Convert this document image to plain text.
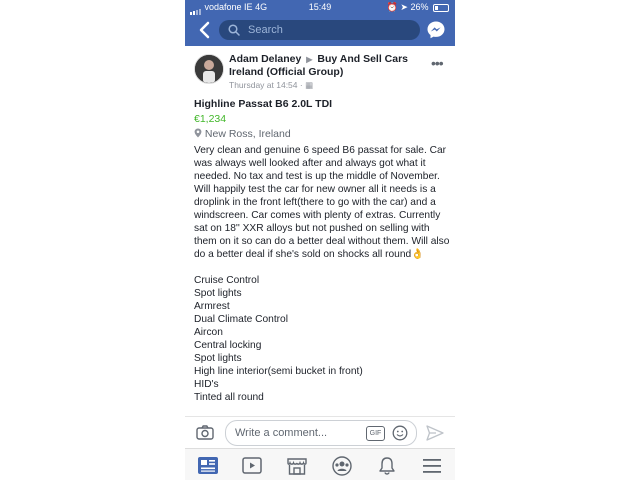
vodafone IE 4G	15:49	⏰ ➤ 26%
Search
Adam Delaney ▶ Buy And Sell Cars Ireland (Official Group)
Thursday at 14:54 · ▦
•••
Highline Passat B6 2.0L TDI
€1,234
New Ross, Ireland

Very clean and genuine 6 speed B6 passat for sale. Car was always well looked after and always got what it needed. No tax and test is up the middle of November. Will happily test the car for new owner all it needs is a droplink in the front left(there to go with the car) and a windscreen. Car comes with plenty of extras. Currently sat on 18'' XXR alloys but not pushed on selling with them on it so can do a better deal without them. Will also do a better deal if she's sold on shocks all round👌

Cruise Control
Spot lights
Armrest
Dual Climate Control
Aircon
Central locking
Spot lights
High line interior(semi bucket in front)
HID's
Tinted all round
Write a comment...	GIF
